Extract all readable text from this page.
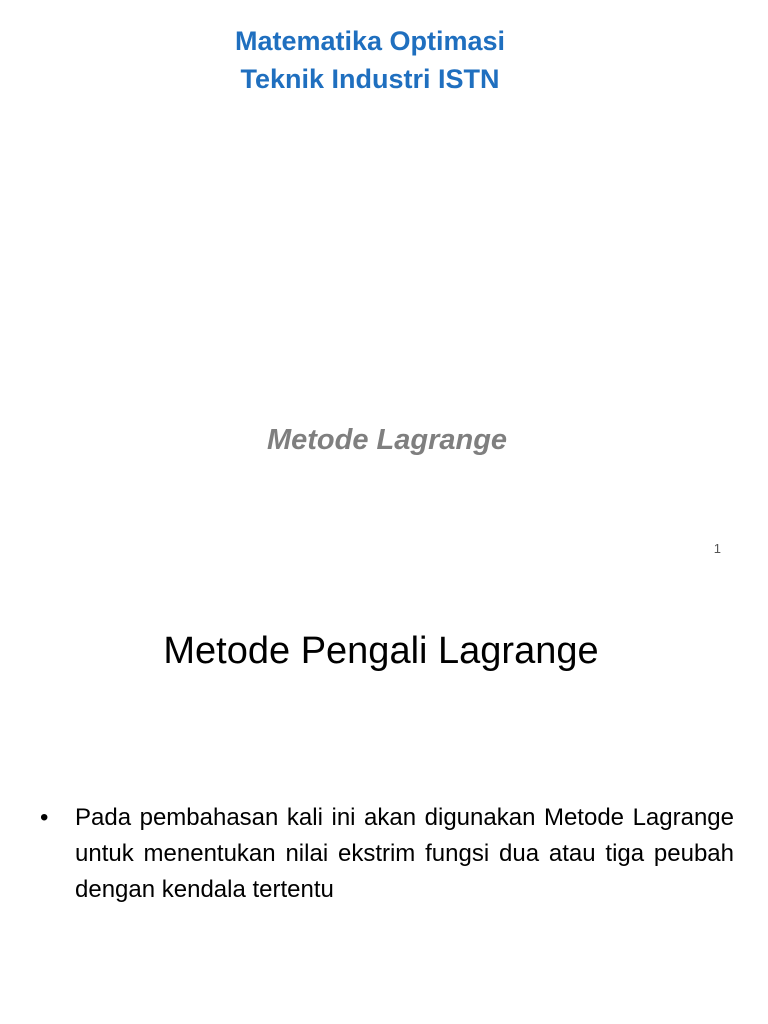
Matematika Optimasi
Teknik Industri ISTN
Metode Lagrange
1
Metode Pengali Lagrange
•	Pada pembahasan kali ini akan digunakan Metode Lagrange untuk menentukan nilai ekstrim fungsi dua atau tiga peubah dengan kendala tertentu
